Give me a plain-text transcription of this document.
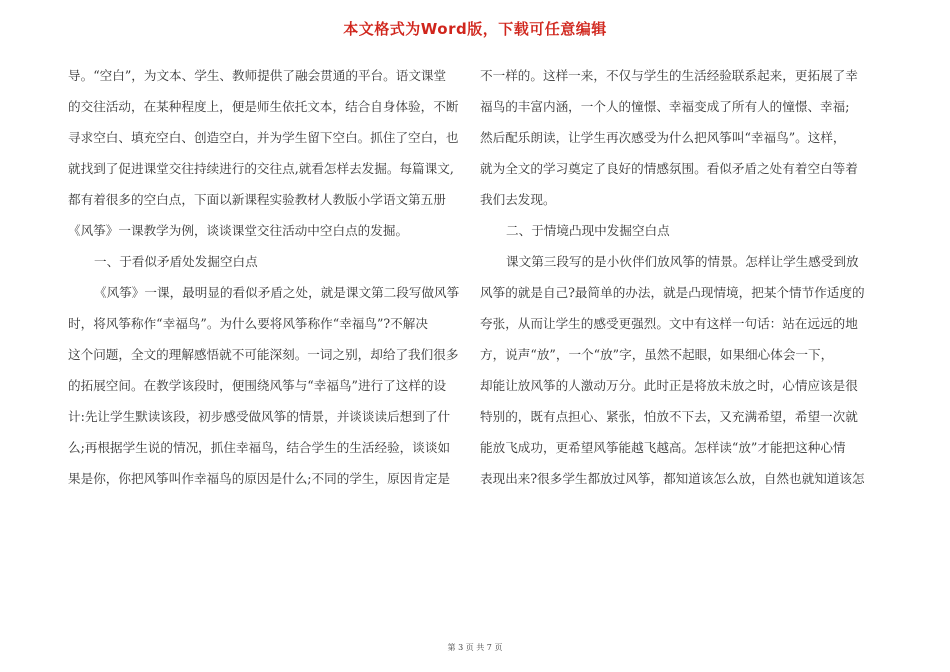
本文格式为Word版，下载可任意编辑
导。“空白”，为文本、学生、教师提供了融会贯通的平台。语文课堂
的交往活动，在某种程度上，便是师生依托文本，结合自身体验，不断
寻求空白、填充空白、创造空白，并为学生留下空白。抓住了空白，也
就找到了促进课堂交往持续进行的交往点,就看怎样去发掘。每篇课文,
都有着很多的空白点，下面以新课程实验教材人教版小学语文第五册
《风筝》一课教学为例，谈谈课堂交往活动中空白点的发掘。
一、于看似矛盾处发掘空白点
《风筝》一课，最明显的看似矛盾之处，就是课文第二段写做风筝
时，将风筝称作“幸福鸟”。为什么要将风筝称作“幸福鸟”?不解决
这个问题，全文的理解感悟就不可能深刻。一词之别，却给了我们很多
的拓展空间。在教学该段时，便围绕风筝与“幸福鸟”进行了这样的设
计:先让学生默读该段，初步感受做风筝的情景，并谈谈读后想到了什
么;再根据学生说的情况，抓住幸福鸟，结合学生的生活经验，谈谈如
果是你，你把风筝叫作幸福鸟的原因是什么;不同的学生，原因肯定是
不一样的。这样一来，不仅与学生的生活经验联系起来，更拓展了幸
福鸟的丰富内涵，一个人的憧憬、幸福变成了所有人的憧憬、幸福;
然后配乐朗读，让学生再次感受为什么把风筝叫“幸福鸟”。这样，
就为全文的学习奠定了良好的情感氛围。看似矛盾之处有着空白等着
我们去发现。
二、于情境凸现中发掘空白点
课文第三段写的是小伙伴们放风筝的情景。怎样让学生感受到放
风筝的就是自己?最简单的办法，就是凸现情境，把某个情节作适度的
夸张，从而让学生的感受更强烈。文中有这样一句话：站在远远的地
方，说声“放”，一个“放”字，虽然不起眼，如果细心体会一下，
却能让放风筝的人激动万分。此时正是将放未放之时，心情应该是很
特别的，既有点担心、紧张，怕放不下去，又充满希望，希望一次就
能放飞成功，更希望风筝能越飞越高。怎样读“放”才能把这种心情
表现出来?很多学生都放过风筝，都知道该怎么放，自然也就知道该怎
第 3 页 共 7 页
